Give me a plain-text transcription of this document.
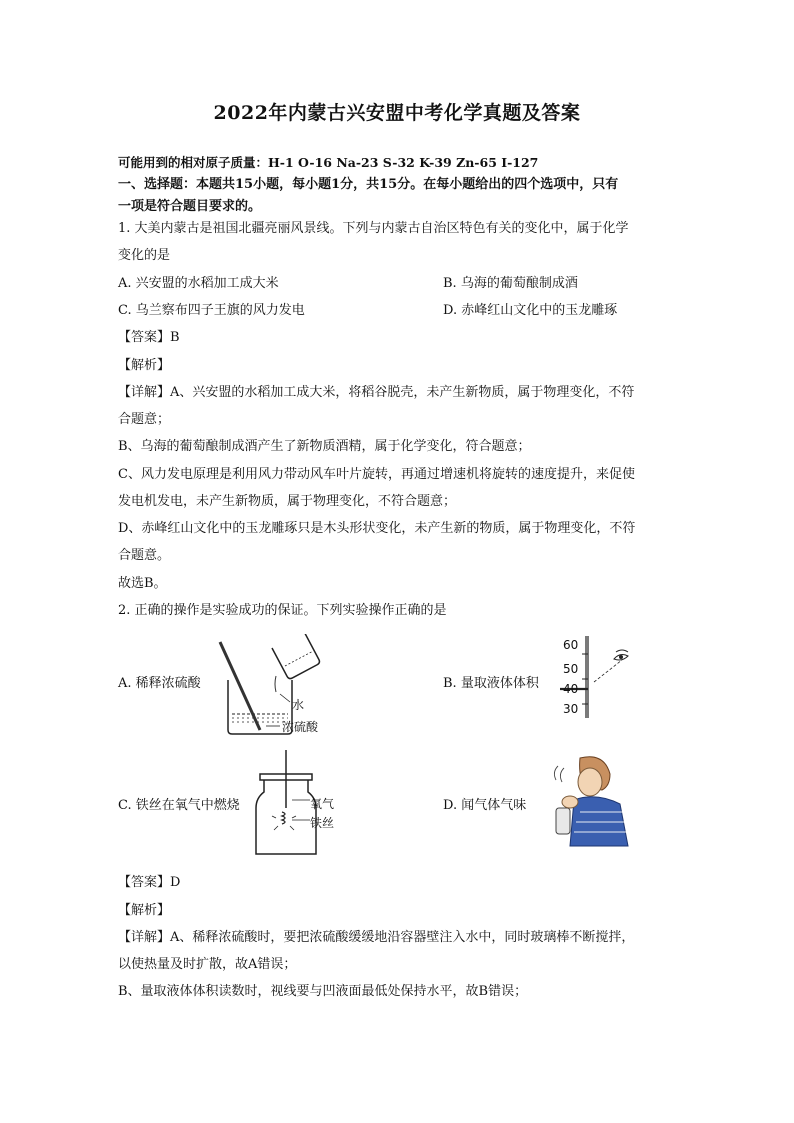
2022年内蒙古兴安盟中考化学真题及答案
可能用到的相对原子质量：H-1 O-16 Na-23 S-32 K-39 Zn-65 I-127
一、选择题：本题共15小题，每小题1分，共15分。在每小题给出的四个选项中，只有
一项是符合题目要求的。
1. 大美内蒙古是祖国北疆亮丽风景线。下列与内蒙古自治区特色有关的变化中，属于化学
变化的是
A. 兴安盟的水稻加工成大米	B. 乌海的葡萄酿制成酒
C. 乌兰察布四子王旗的风力发电	D. 赤峰红山文化中的玉龙雕琢
【答案】B
【解析】
【详解】A、兴安盟的水稻加工成大米，将稻谷脱壳，未产生新物质，属于物理变化，不符
合题意；
B、乌海的葡萄酿制成酒产生了新物质酒精，属于化学变化，符合题意；
C、风力发电原理是利用风力带动风车叶片旋转，再通过增速机将旋转的速度提升，来促使
发电机发电，未产生新物质，属于物理变化，不符合题意；
D、赤峰红山文化中的玉龙雕琢只是木头形状变化，未产生新的物质，属于物理变化，不符
合题意。
故选B。
2. 正确的操作是实验成功的保证。下列实验操作正确的是
A. 稀释浓硫酸	B. 量取液体体积
水
浓硫酸
60
50
40
30
C. 铁丝在氧气中燃烧	D. 闻气体气味
氧气
铁丝
【答案】D
【解析】
【详解】A、稀释浓硫酸时，要把浓硫酸缓缓地沿容器壁注入水中，同时玻璃棒不断搅拌，
以使热量及时扩散，故A错误；
B、量取液体体积读数时，视线要与凹液面最低处保持水平，故B错误；
